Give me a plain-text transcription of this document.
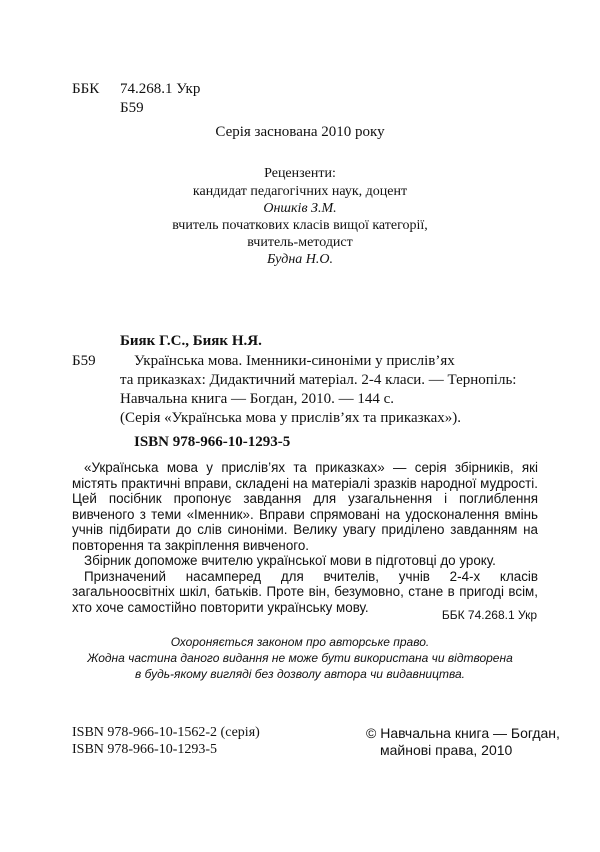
ББК 74.268.1 Укр
Б59
Серія заснована 2010 року
Рецензенти:
кандидат педагогічних наук, доцент
Оншків З.М.
вчитель початкових класів вищої категорії,
вчитель-методист
Будна Н.О.
Бияк Г.С., Бияк Н.Я.
Б59	Українська мова. Іменники-синоніми у прислів’ях
та приказках: Дидактичний матеріал. 2-4 класи. — Тернопіль:
Навчальна книга — Богдан, 2010. — 144 с.
(Серія «Українська мова у прислів’ях та приказках»).
ISBN 978-966-10-1293-5

«Українська мова у прислів’ях та приказках» — серія збірників, які містять практичні вправи, складені на матеріалі зразків народної мудрості. Цей посібник пропонує завдання для узагальнення і поглиблення вивченого з теми «Іменник». Вправи спрямовані на удосконалення вмінь учнів підбирати до слів синоніми. Велику увагу приділено завданням на повторення та закріплення вивченого.

Збірник допоможе вчителю української мови в підготовці до уроку.

Призначений насамперед для вчителів, учнів 2-4-х класів загальноосвітніх шкіл, батьків. Проте він, безумовно, стане в пригоді всім, хто хоче самостійно повторити українську мову.

ББК 74.268.1 Укр
Охороняється законом про авторське право.
Жодна частина даного видання не може бути використана чи відтворена
в будь-якому вигляді без дозволу автора чи видавництва.
ISBN 978-966-10-1562-2 (серія)
ISBN 978-966-10-1293-5
© Навчальна книга — Богдан,
майнові права, 2010
